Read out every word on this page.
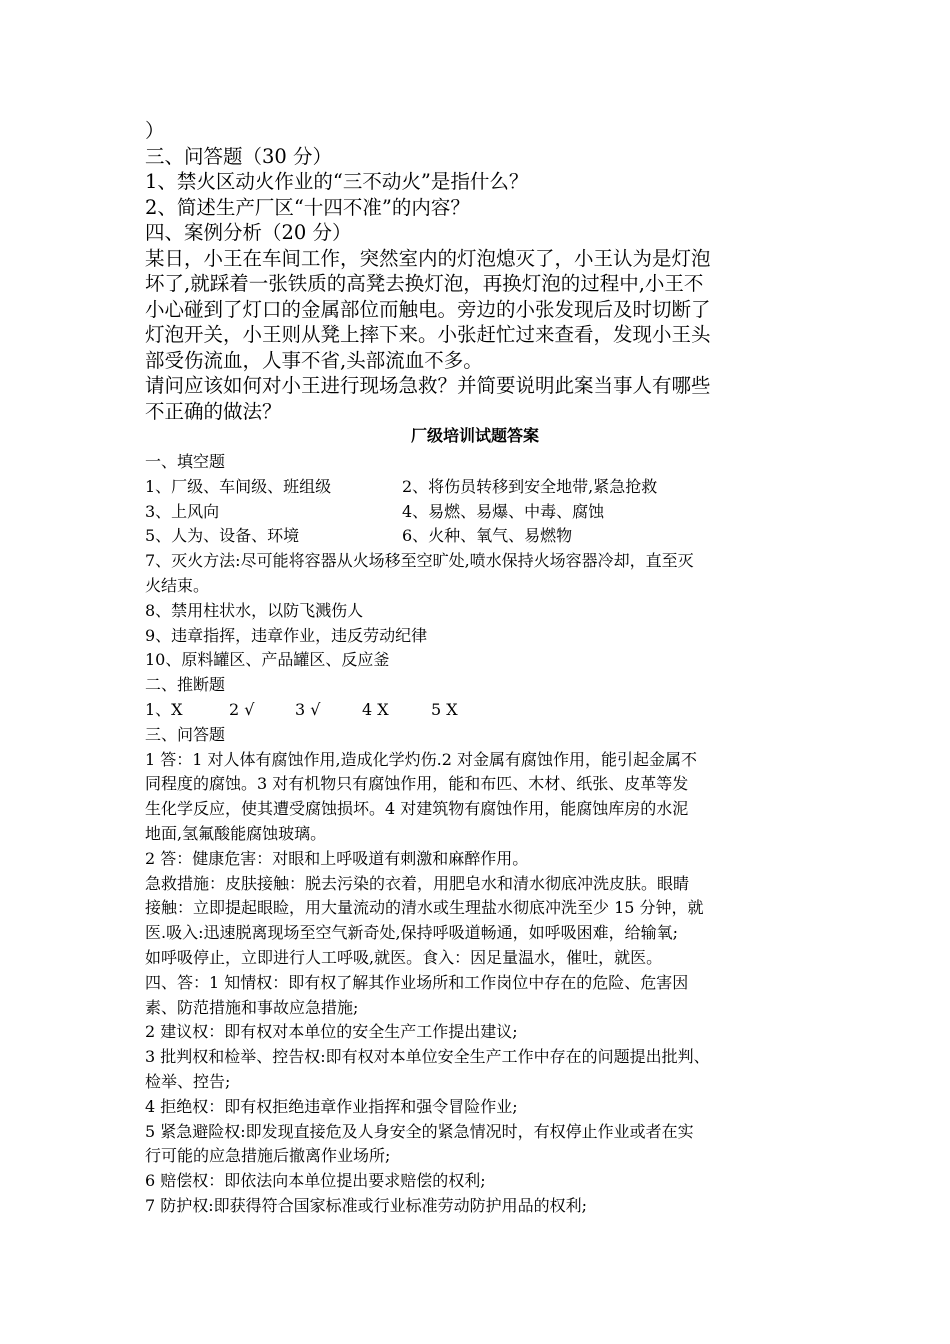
）

三、问答题（30 分）

1、禁火区动火作业的“三不动火”是指什么？

2、简述生产厂区“十四不准”的内容？

四、案例分析（20 分）

某日，小王在车间工作，突然室内的灯泡熄灭了，小王认为是灯泡

坏了,就踩着一张铁质的高凳去换灯泡，再换灯泡的过程中,小王不

小心碰到了灯口的金属部位而触电。旁边的小张发现后及时切断了

灯泡开关，小王则从凳上摔下来。小张赶忙过来查看，发现小王头

部受伤流血，人事不省,头部流血不多。

请问应该如何对小王进行现场急救？并简要说明此案当事人有哪些

不正确的做法？

厂级培训试题答案

一、填空题

1、厂级、车间级、班组级	2、将伤员转移到安全地带,紧急抢救
3、上风向	4、易燃、易爆、中毒、腐蚀
5、人为、设备、环境	6、火种、氧气、易燃物

7、灭火方法:尽可能将容器从火场移至空旷处,喷水保持火场容器冷却，直至灭

火结束。

8、禁用柱状水，以防飞溅伤人

9、违章指挥，违章作业，违反劳动纪律

10、原料罐区、产品罐区、反应釜

二、推断题

1、X	2 √	3 √	4 X	5 X

三、问答题

1 答：1 对人体有腐蚀作用,造成化学灼伤.2 对金属有腐蚀作用，能引起金属不

同程度的腐蚀。3 对有机物只有腐蚀作用，能和布匹、木材、纸张、皮革等发

生化学反应，使其遭受腐蚀损坏。4 对建筑物有腐蚀作用，能腐蚀库房的水泥

地面,氢氟酸能腐蚀玻璃。

2 答：健康危害：对眼和上呼吸道有刺激和麻醉作用。

急救措施：皮肤接触：脱去污染的衣着，用肥皂水和清水彻底冲洗皮肤。眼睛

接触：立即提起眼睑，用大量流动的清水或生理盐水彻底冲洗至少 15 分钟，就

医.吸入:迅速脱离现场至空气新奇处,保持呼吸道畅通，如呼吸困难，给输氧;

如呼吸停止，立即进行人工呼吸,就医。食入：因足量温水，催吐，就医。

四、答：1 知情权：即有权了解其作业场所和工作岗位中存在的危险、危害因

素、防范措施和事故应急措施;

2 建议权：即有权对本单位的安全生产工作提出建议;

3 批判权和检举、控告权:即有权对本单位安全生产工作中存在的问题提出批判、

检举、控告;

4 拒绝权：即有权拒绝违章作业指挥和强令冒险作业;

5 紧急避险权:即发现直接危及人身安全的紧急情况时，有权停止作业或者在实

行可能的应急措施后撤离作业场所;

6 赔偿权：即依法向本单位提出要求赔偿的权利;

7 防护权:即获得符合国家标准或行业标准劳动防护用品的权利;
